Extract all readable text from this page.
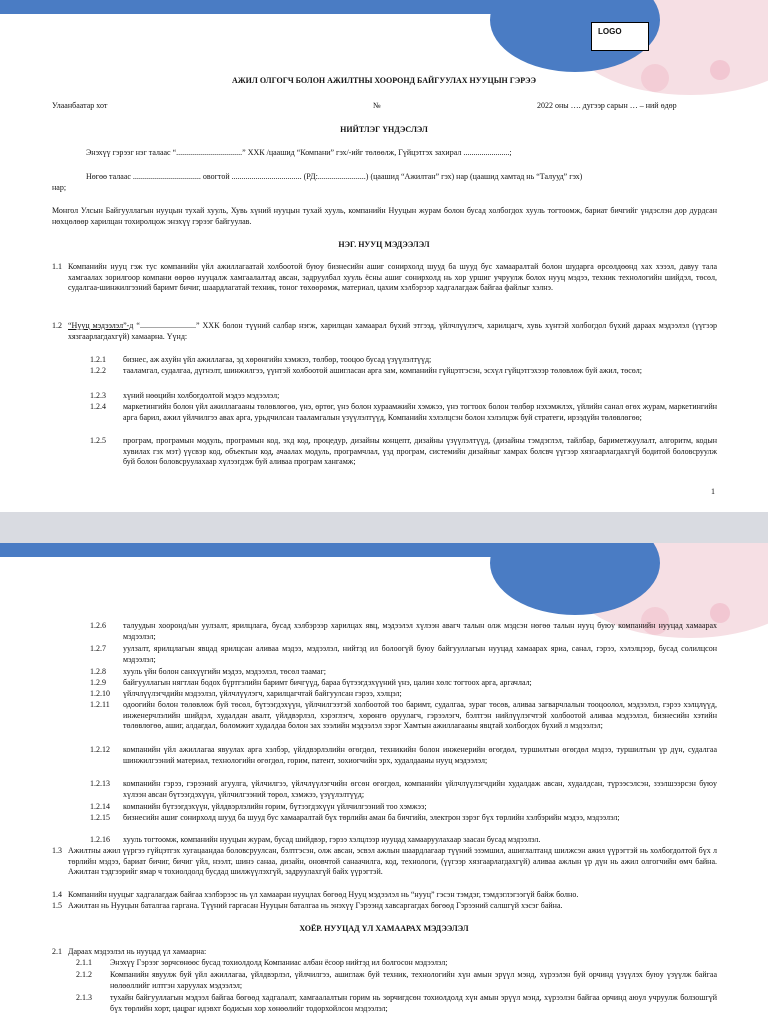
LOGO
АЖИЛ ОЛГОГЧ БОЛОН АЖИЛТНЫ ХООРОНД БАЙГУУЛАХ НУУЦЫН ГЭРЭЭ
Улаанбаатар хот	№	2022 оны …. дугээр сарын … – ний өдөр
НИЙТЛЭГ ҮНДЭСЛЭЛ
Энэхүү гэрээг нэг талаас “.................................” ХХК /цаашид “Компани” гэх/-ийг төлөөлж, Гүйцэтгэх захирал .......................;
Нөгөө талаас .................................. овогтой ................................... (РД:........................) (цаашид “Ажилтан” гэх) нар (цаашид хамтад нь “Талууд” гэх)
нар;
Монгол Улсын Байгууллагын нууцын тухай хууль, Хувь хүний нууцын тухай хууль, компанийн Нууцын журам болон бусад холбогдох хууль тогтоомж, бариат бичгийг үндэслэн дор дурдсан нөхцөлөөр харилцан тохиролцож энэхүү гэрээг байгуулав.
НЭГ. НУУЦ МЭДЭЭЛЭЛ
1.1 Компанийн нууц гэж тус компанийн үйл ажиллагаатай холбоотой буюу бизнесийн ашиг сонирхолд шууд ба шууд бус хамааралтай болон шударга өрсөлдөөнд хаx хэээл, давуу тала хамгаалах зорилгоор компани өөрөө нууцалж хамгаалалтад авсан, задруулбал хууль ёсны ашиг сонирхолд нь хор уршиг учруулж болох нууц мэдээ, техник технологийн шийдэл, төсөл, судалгаа-шинжилгээний баримт бичиг, шаардлагатай техник, тоног төхөөрөмж, материал, цахим хэлбэрээр хадгалагдаж байгаа файлыг хэлнэ.
1.2 “Нууц мэдээлэл”-д “............................” ХХК болон түүний салбар нэгж, харилцан хамаарал бүхий этгээд, үйлчлүүлэгч, харилцагч, хувь хүнтэй холбогдол бүхий дараах мэдээлэл (үүгээр хязгаарлагдахгүй) хамаарна. Үүнд:
1.2.1 бизнес, аж ахуйн үйл ажиллагаа, эд хөрөнгийн хэмжээ, төлбөр, тооцоо бусад үзүүлэлтүүд;
1.2.2 тааламгал, судалгаа, дүгнэлт, шинжилгээ, үүнтэй холбоотой ашиглаcан арга зам, компанийн гүйцэтгэсэн, эсхүл гүйцэтгэхээр төлөвлөж буй ажил, төсөл;
1.2.3 хүний нөөцийн холбогдолтой мэдээ мэдээлэл;
1.2.4 маркетингийн болон үйл ажиллагааны төлөвлөгөө, үнэ, өртөг, үнэ болон хураамжийн хэмжээ, үнэ тогтоох болон төлбөр нэхэмжлэх, үйлийн санал өгөх журам, маркетингийн арга барил, ажил үйлчилгээ авах арга, урьдчилсан тааламгалын үзүүлэлтүүд, Компанийн хэлэлцсэн болон хэлэлцэж буй стратеги, ирээдүйн төлөвлөгөө;
1.2.5 програм, програмын модуль, програмын код, эхд код, процедур, дизайны концепт, дизайны үзүүлэлтүүд, (дизайны тэмдэглэл, тайлбар, бариметжуулалт, алгоритм, кодын хувилах гэх мэт) үүсвэр код, объектын код, ачаалах модуль, програмчлал, үзд програм, системийн дизайныг хамрах болсвч үүгээр хязгаарлагдахгүй бодитой боловсруулж буй болон боловсруулахаар хүлээгдэж буй аливаа програм хангамж;
1
1.2.6 талуудын хооронд/ын уулзалт, ярилцлага, бусад хэлбэрээр харилцах явц, мэдээлэл хүлээн авагч талын олж мэдсэн нөгөө талын нууц буюу компанийн нууцад хамаарах мэдээлэл;
1.2.7 уулзалт, ярилцлагын явцад ярилцсан аливаа мэдээ, мэдээлэл, нийтэд ил болоогүй буюу байгууллагын нууцад хамаарах яриа, санал, гэрээ, хэлэлцээр, бусад солилцсон мэдээлэл;
1.2.8 хууль үйн болон санхүүгийн мэдээ, мэдээлэл, төсөл таамаг;
1.2.9 байгууллагын нягтлан бодох бүртгэлийн баримт бичгүүд, бараа бүтээгдэхүүний үнэ, цалин хөлс тогтоох арга, аргачлал;
1.2.10 үйлчлүүлэгчдийн мэдээлэл, үйлчлүүлэгч, харилцагчтай байгуулсан гэрээ, хэлцэл;
1.2.11 одоогийн болон төлөвлөж буй төсөл, бүтээгдэхүүн, үйлчилгээтэй холбоотой тоо баримт, судалгаа, зураг төсөв, аливаа загварчлалын тооцоолол, мэдээлэл, гэрээ хэлцлүүд, инженерчлэлийн шийдэл, худалдан авалт, үйлдвэрлэл, хэрэглэгч, хөрөнгө оруулагч, гэрээлэгч, бэлтгэн нийлүүлэгчтэй холбоотой аливаа мэдээлэл, бизнесийн хэтийн төлөвлөгөө, ашиг, алдагдал, боломжит худалдаа болон зах зээлийн мэдээлэл зэрэг Хамтын ажиллагааны явцтай холбогдох бүхий л мэдээлэл;
1.2.12 компанийн үйл ажиллагаа явуулах арга хэлбэр, үйлдвэрлэлийн өгөгдөл, техникийн болон инженерийн өгөгдөл, туршилтын өгөгдөл мэдээ, туршилтын үр дүн, судалгаа шинжилгээний материал, технологийн өгөгдөл, горим, патент, зохиогчийн эрх, худалдааны нууц мэдээлэл;
1.2.13 компанийн гэрээ, гэрээний агуулга, үйлчилгээ, үйлчлүүлэгчийн өгсөн өгөгдөл, компанийн үйлчлүүлэгчдийн худалдаж авсан, худалдсан, түрээсэлсэн, зээлшээрсэн буюу хүлээн авсан бүтээгдэхүүн, үйлчилгээний төрөл, хэмжээ, үзүүлэлтүүд;
1.2.14 компанийн бүтээгдэхүүн, үйлдвэрлэлийн горим, бүтээгдэхүүн үйлчилгээний тоо хэмжээ;
1.2.15 бизнесийн ашиг сонирхолд шууд ба шууд бус хамааралтай бүх төрлийн аман ба бичгийн, электрон зэрэг бүх төрлийн хэлбэрийн мэдээ, мэдээлэл;
1.2.16 хууль тогтоомж, компанийн нууцын журам, бусад шийдвэр, гэрээ хэлцлээр нууцад хамааруулахаар заасан бусад мэдээлэл.
1.3 Ажилтны ажил үүргээ гүйцэтгэх хугацаандаа боловсруулсан, бэлтгэсэн, олж авсан, эсвэл ажлын шаардлагаар түүний эзэмшил, ашиглалтанд шилжсэн ажил үүрэгтэй нь холбогдолтой бүх л төрлийн мэдээ, бариат бичиг, бичиг үйл, нээлт, шинэ санаа, дизайн, оновчтой санаачилга, код, технологи, (үүгээр хязгаарлагдахгүй) аливаа ажлын үр дүн нь ажил олгогчийн өмч байна. Ажилтан тэдгээрийг ямар ч тохиолдолд бусдад шилжүүлэхгүй, задруулахгүй байх үүрэгтэй.
1.4 Компанийн нууцыг хадгалагдаж байгаа хэлбэрээс нь үл хамааран нууцлах бөгөөд Нууц мэдээлэл нь “нууц” гэсэн тэмдэг, тэмдэглэгээгүй байж болно.
1.5 Ажилтан нь Нууцын баталгаа гаргана. Түүний гаргасан Нууцын баталгаа нь энэхүү Гэрээнд хавсаргагдах бөгөөд Гэрээний салшгүй хэсэг байна.
ХОЁР. НУУЦАД ҮЛ ХАМААРАХ МЭДЭЭЛЭЛ
2.1 Дараах мэдээлэл нь нууцад үл хамаарна:
2.1.1 Энэхүү Гэрээг зөрчсөнөөс бусад тохиолдолд Компаниас албан ёсоор нийтэд ил болгосон мэдээлэл;
2.1.2 Компанийн явуулж буй үйл ажиллагаа, үйлдвэрлэл, үйлчилгээ, ашиглаж буй техник, технологийн хүн амын эрүүл мэнд, хүрээлэн буй орчинд үзүүлэх буюу үзүүлж байгаа нөлөөллийг илтгэн харуулах мэдээлэл;
2.1.3 тухайн байгууллагын мэдээл байгаа бөгөөд хадгалалт, хамгаалалтын горим нь зөрчигдсөн тохиолдолд хүн амын эрүүл мэнд, хүрээлэн байгаа орчинд аюул учруулж болзошгүй бүх төрлийн хорт, цацраг идэвхт бодисын хор хөнөөлийг тодорхойлсон мэдээлэл;
